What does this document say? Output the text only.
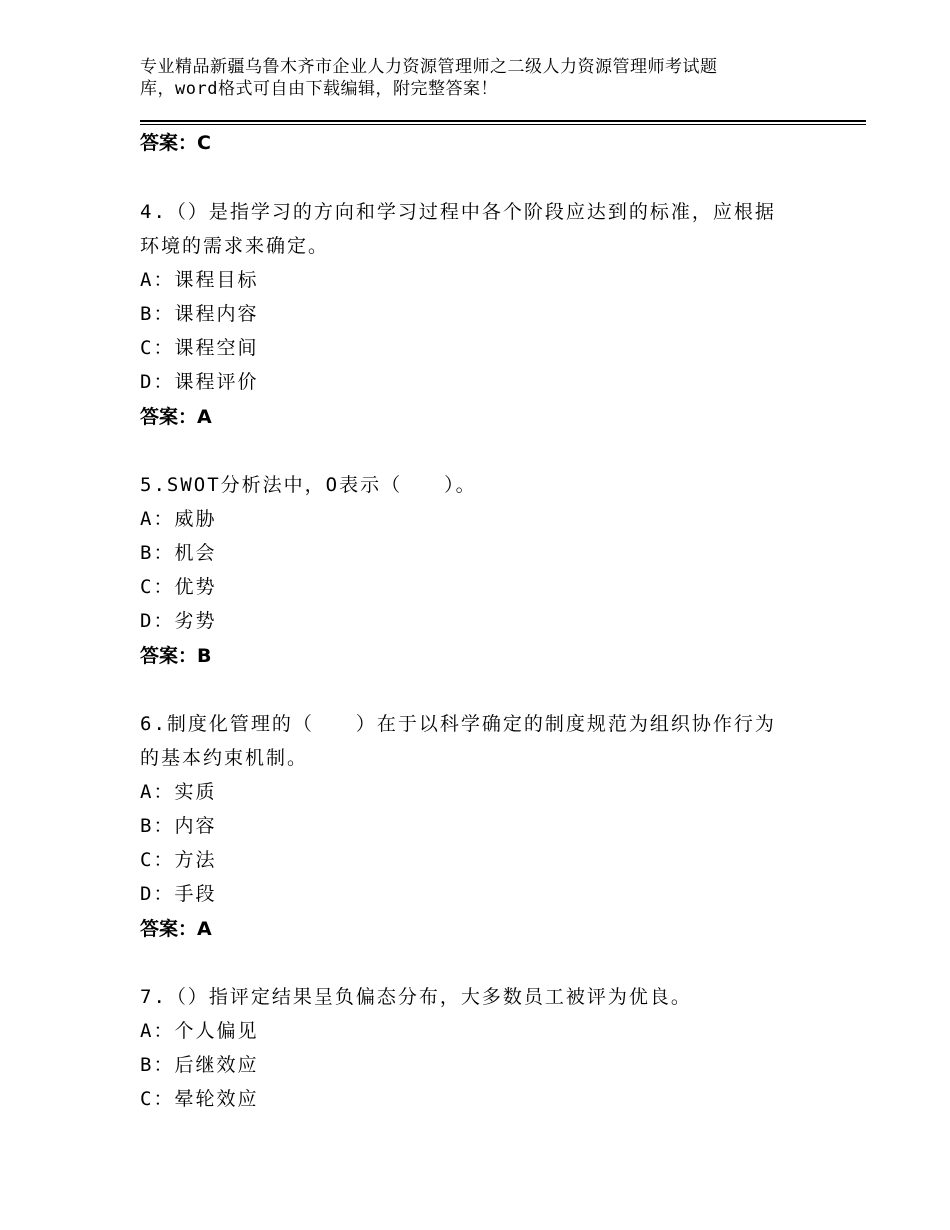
专业精品新疆乌鲁木齐市企业人力资源管理师之二级人力资源管理师考试题
库，word格式可自由下载编辑，附完整答案！
答案：C
4.（）是指学习的方向和学习过程中各个阶段应达到的标准，应根据
环境的需求来确定。
A：课程目标
B：课程内容
C：课程空间
D：课程评价
答案：A
5.SWOT分析法中，O表示（　　）。
A：威胁
B：机会
C：优势
D：劣势
答案：B
6.制度化管理的（　　）在于以科学确定的制度规范为组织协作行为
的基本约束机制。
A：实质
B：内容
C：方法
D：手段
答案：A
7.（）指评定结果呈负偏态分布，大多数员工被评为优良。
A：个人偏见
B：后继效应
C：晕轮效应
